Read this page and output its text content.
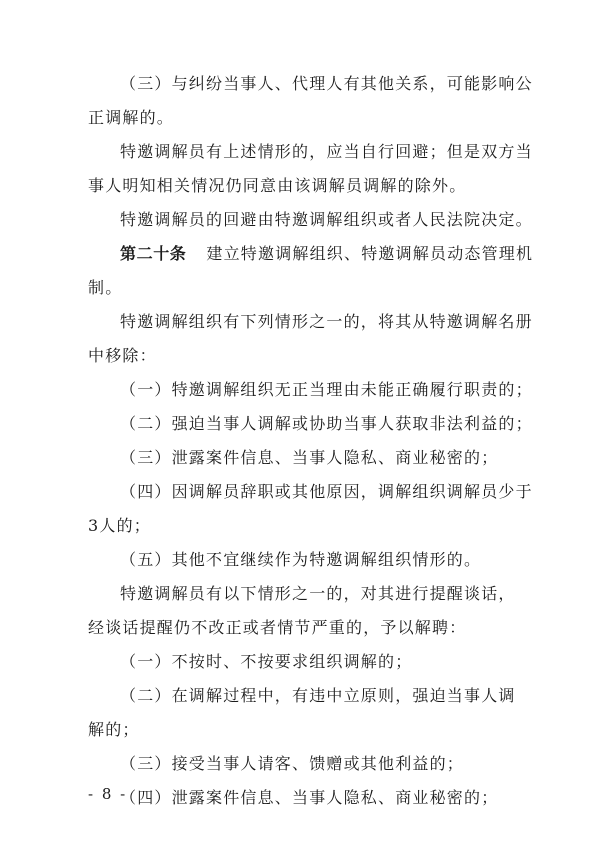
（三）与纠纷当事人、代理人有其他关系，可能影响公
正调解的。
特邀调解员有上述情形的，应当自行回避；但是双方当
事人明知相关情况仍同意由该调解员调解的除外。
特邀调解员的回避由特邀调解组织或者人民法院决定。
第二十条 建立特邀调解组织、特邀调解员动态管理机
制。
特邀调解组织有下列情形之一的，将其从特邀调解名册
中移除：
（一）特邀调解组织无正当理由未能正确履行职责的；
（二）强迫当事人调解或协助当事人获取非法利益的；
（三）泄露案件信息、当事人隐私、商业秘密的；
（四）因调解员辞职或其他原因，调解组织调解员少于
3人的；
（五）其他不宜继续作为特邀调解组织情形的。
特邀调解员有以下情形之一的，对其进行提醒谈话，
经谈话提醒仍不改正或者情节严重的，予以解聘：
（一）不按时、不按要求组织调解的；
（二）在调解过程中，有违中立原则，强迫当事人调
解的；
（三）接受当事人请客、馈赠或其他利益的；
（四）泄露案件信息、当事人隐私、商业秘密的；
- 8 -
